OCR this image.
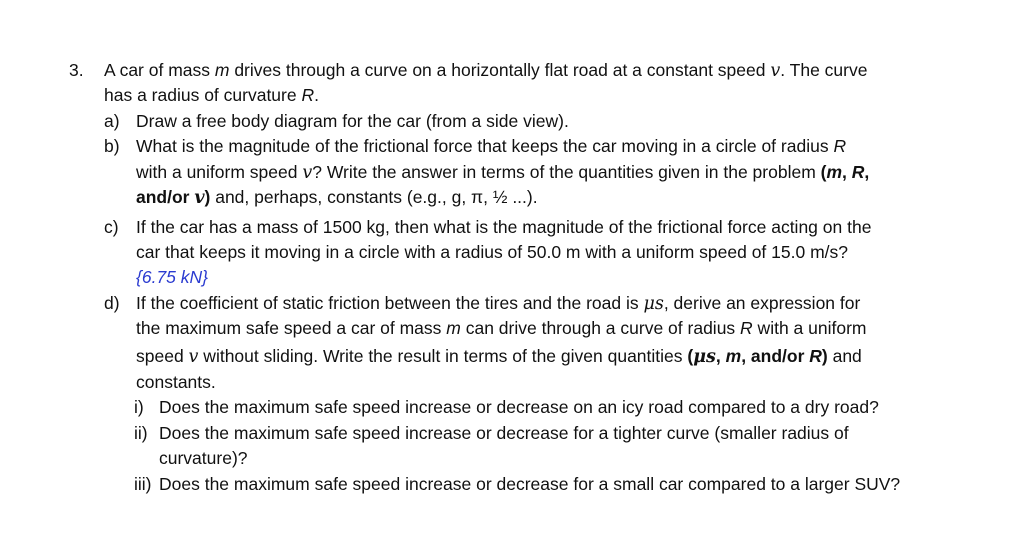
3. A car of mass m drives through a curve on a horizontally flat road at a constant speed v. The curve
has a radius of curvature R.
a) Draw a free body diagram for the car (from a side view).
b) What is the magnitude of the frictional force that keeps the car moving in a circle of radius R
with a uniform speed v? Write the answer in terms of the quantities given in the problem (m, R,
and/or v) and, perhaps, constants (e.g., g, π, ½ ...).
c) If the car has a mass of 1500 kg, then what is the magnitude of the frictional force acting on the
car that keeps it moving in a circle with a radius of 50.0 m with a uniform speed of 15.0 m/s?
{6.75 kN}
d) If the coefficient of static friction between the tires and the road is μs, derive an expression for
the maximum safe speed a car of mass m can drive through a curve of radius R with a uniform
speed v without sliding. Write the result in terms of the given quantities (μs, m, and/or R) and
constants.
i) Does the maximum safe speed increase or decrease on an icy road compared to a dry road?
ii) Does the maximum safe speed increase or decrease for a tighter curve (smaller radius of
curvature)?
iii) Does the maximum safe speed increase or decrease for a small car compared to a larger SUV?
